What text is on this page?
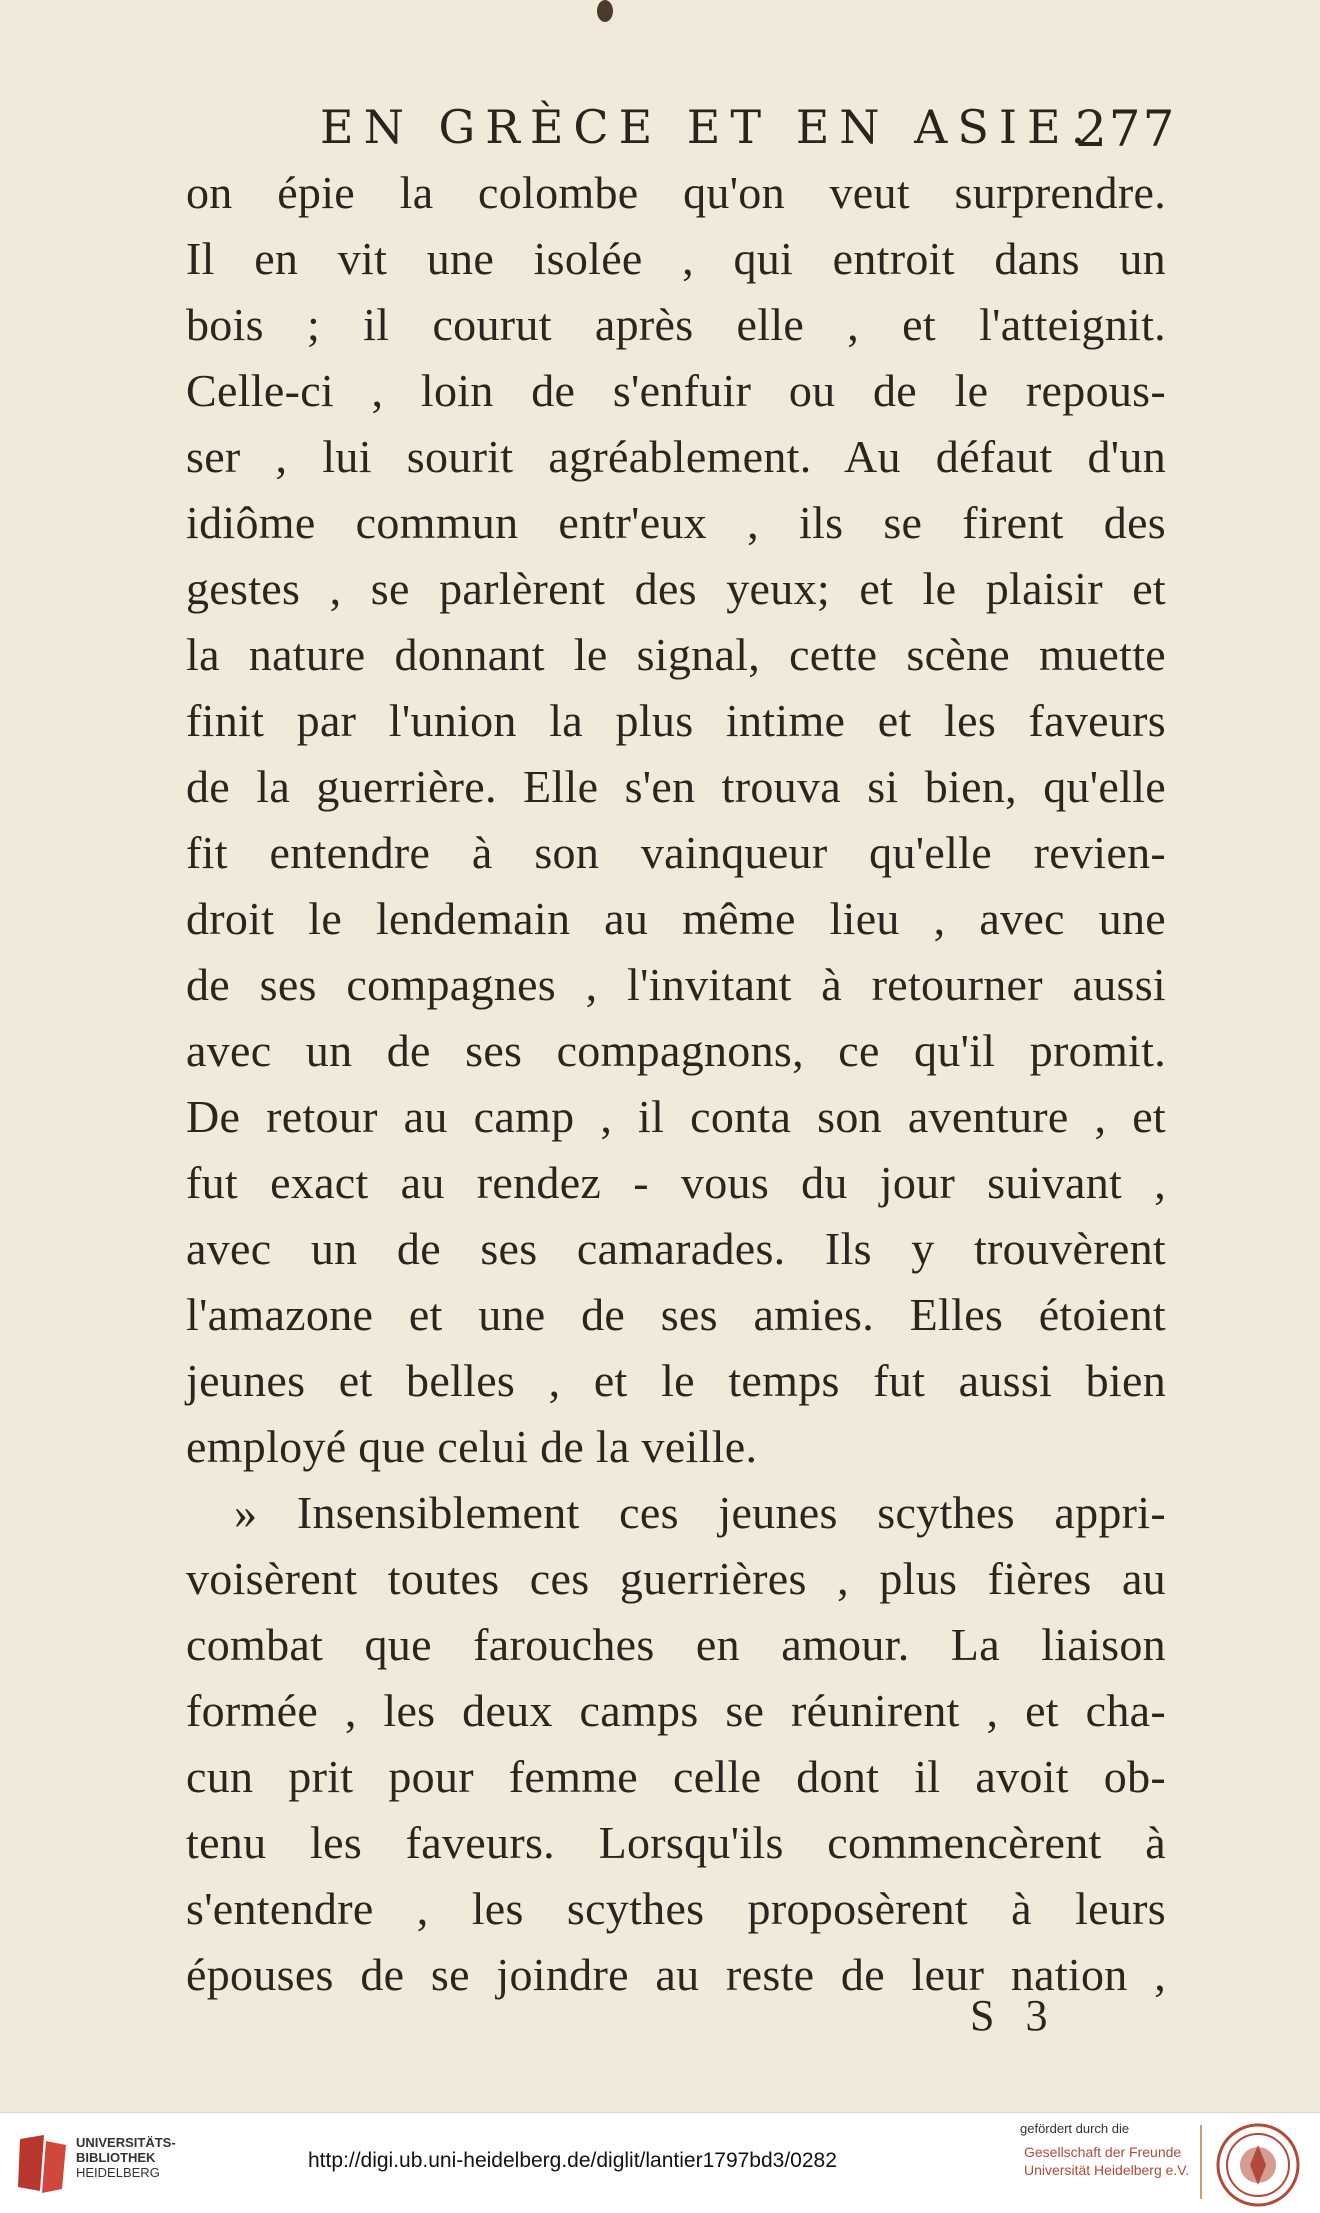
EN GRÈCE ET EN ASIE.
277
on épie la colombe qu'on veut surprendre.
Il en vit une isolée , qui entroit dans un
bois ; il courut après elle , et l'atteignit.
Celle-ci , loin de s'enfuir ou de le repous-
ser , lui sourit agréablement. Au défaut d'un
idiôme commun entr'eux , ils se firent des
gestes , se parlèrent des yeux; et le plaisir et
la nature donnant le signal, cette scène muette
finit par l'union la plus intime et les faveurs
de la guerrière. Elle s'en trouva si bien, qu'elle
fit entendre à son vainqueur qu'elle revien-
droit le lendemain au même lieu , avec une
de ses compagnes , l'invitant à retourner aussi
avec un de ses compagnons, ce qu'il promit.
De retour au camp , il conta son aventure , et
fut exact au rendez - vous du jour suivant ,
avec un de ses camarades. Ils y trouvèrent
l'amazone et une de ses amies. Elles étoient
jeunes et belles , et le temps fut aussi bien
employé que celui de la veille.
» Insensiblement ces jeunes scythes appri-
voisèrent toutes ces guerrières , plus fières au
combat que farouches en amour. La liaison
formée , les deux camps se réunirent , et cha-
cun prit pour femme celle dont il avoit ob-
tenu les faveurs. Lorsqu'ils commencèrent à
s'entendre , les scythes proposèrent à leurs
épouses de se joindre au reste de leur nation ,
S 3
UNIVERSITÄTS-
BIBLIOTHEK
HEIDELBERG
http://digi.ub.uni-heidelberg.de/diglit/lantier1797bd3/0282
gefördert durch die
Gesellschaft der Freunde
Universität Heidelberg e.V.
